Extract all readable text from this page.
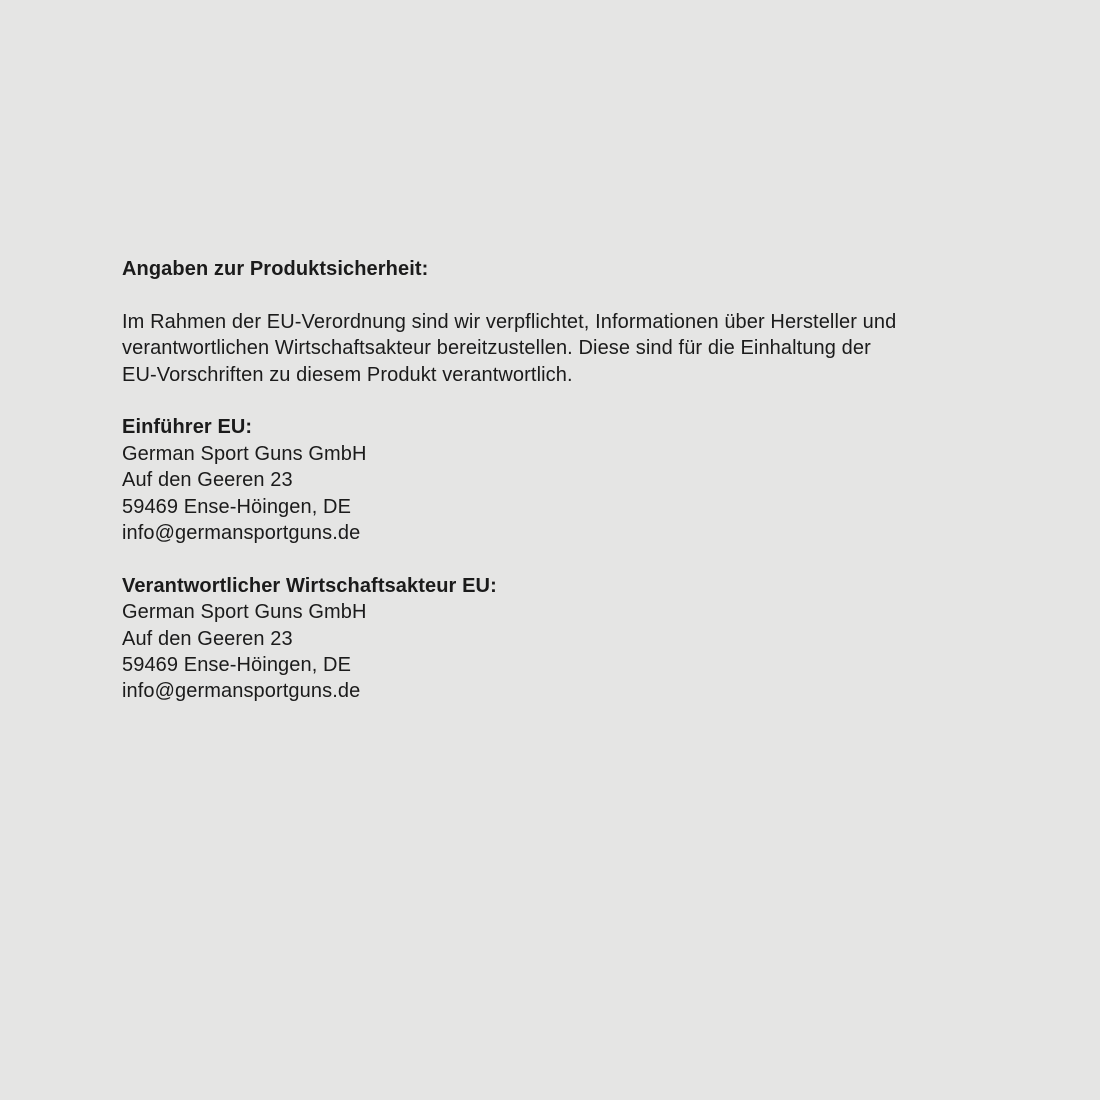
Angaben zur Produktsicherheit:
Im Rahmen der EU-Verordnung sind wir verpflichtet, Informationen über Hersteller und
verantwortlichen Wirtschaftsakteur bereitzustellen. Diese sind für die Einhaltung der
EU-Vorschriften zu diesem Produkt verantwortlich.
Einführer EU:
German Sport Guns GmbH
Auf den Geeren 23
59469 Ense-Höingen, DE
info@germansportguns.de
Verantwortlicher Wirtschaftsakteur EU:
German Sport Guns GmbH
Auf den Geeren 23
59469 Ense-Höingen, DE
info@germansportguns.de
